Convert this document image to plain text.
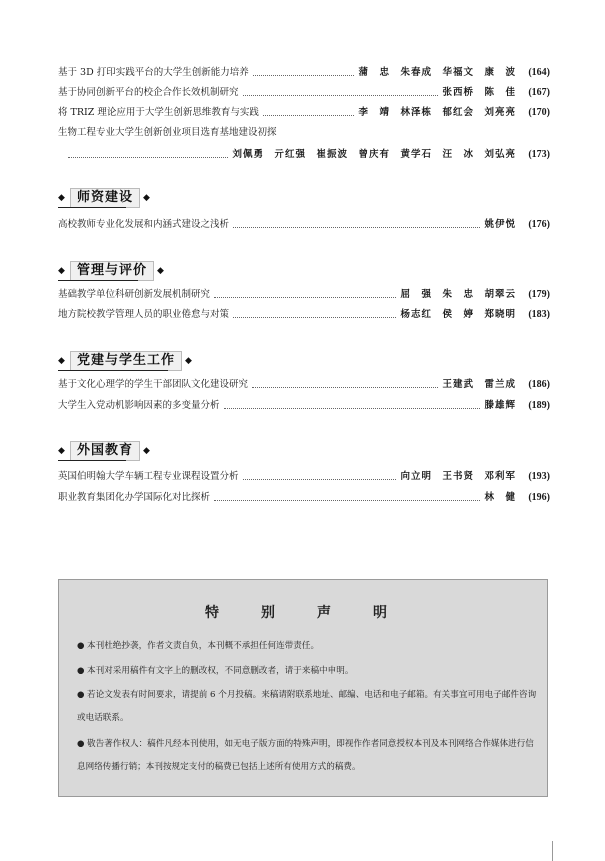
基于 3D 打印实践平台的大学生创新能力培养	蒲　忠　朱春成　华福文　康　波	(164)
基于协同创新平台的校企合作长效机制研究	张西桥　陈　佳	(167)
将 TRIZ 理论应用于大学生创新思维教育与实践	李　靖　林泽栋　郁红会　刘亮亮	(170)
生物工程专业大学生创新创业项目选育基地建设初探
刘佩勇　亓红强　崔振波　曾庆有　黄学石　汪　冰　刘弘亮	(173)
◆ 师资建设	◆
高校教师专业化发展和内涵式建设之浅析	姚伊悦	(176)
◆ 管理与评价	◆
基础教学单位科研创新发展机制研究	屈　强　朱　忠　胡翠云	(179)
地方院校教学管理人员的职业倦怠与对策	杨志红　侯　婷　郑晓明	(183)
◆ 党建与学生工作	◆
基于文化心理学的学生干部团队文化建设研究	王建武　雷兰成	(186)
大学生入党动机影响因素的多变量分析	滕雄辉	(189)
◆ 外国教育	◆
英国伯明翰大学车辆工程专业课程设置分析	向立明　王书贤　邓利军	(193)
职业教育集团化办学国际化对比探析	林　健	(196)
特　别　声　明
● 本刊杜绝抄袭，作者文责自负，本刊概不承担任何连带责任。
● 本刊对采用稿件有文字上的删改权，不同意删改者，请于来稿中申明。
● 若论文发表有时间要求，请提前 6 个月投稿。来稿请附联系地址、邮编、电话和电子邮箱。有关事宜可用电子邮件咨询或电话联系。
● 敬告著作权人：稿件凡经本刊使用，如无电子版方面的特殊声明，即视作作者同意授权本刊及本刊网络合作媒体进行信息网络传播行销；本刊按规定支付的稿费已包括上述所有使用方式的稿费。
